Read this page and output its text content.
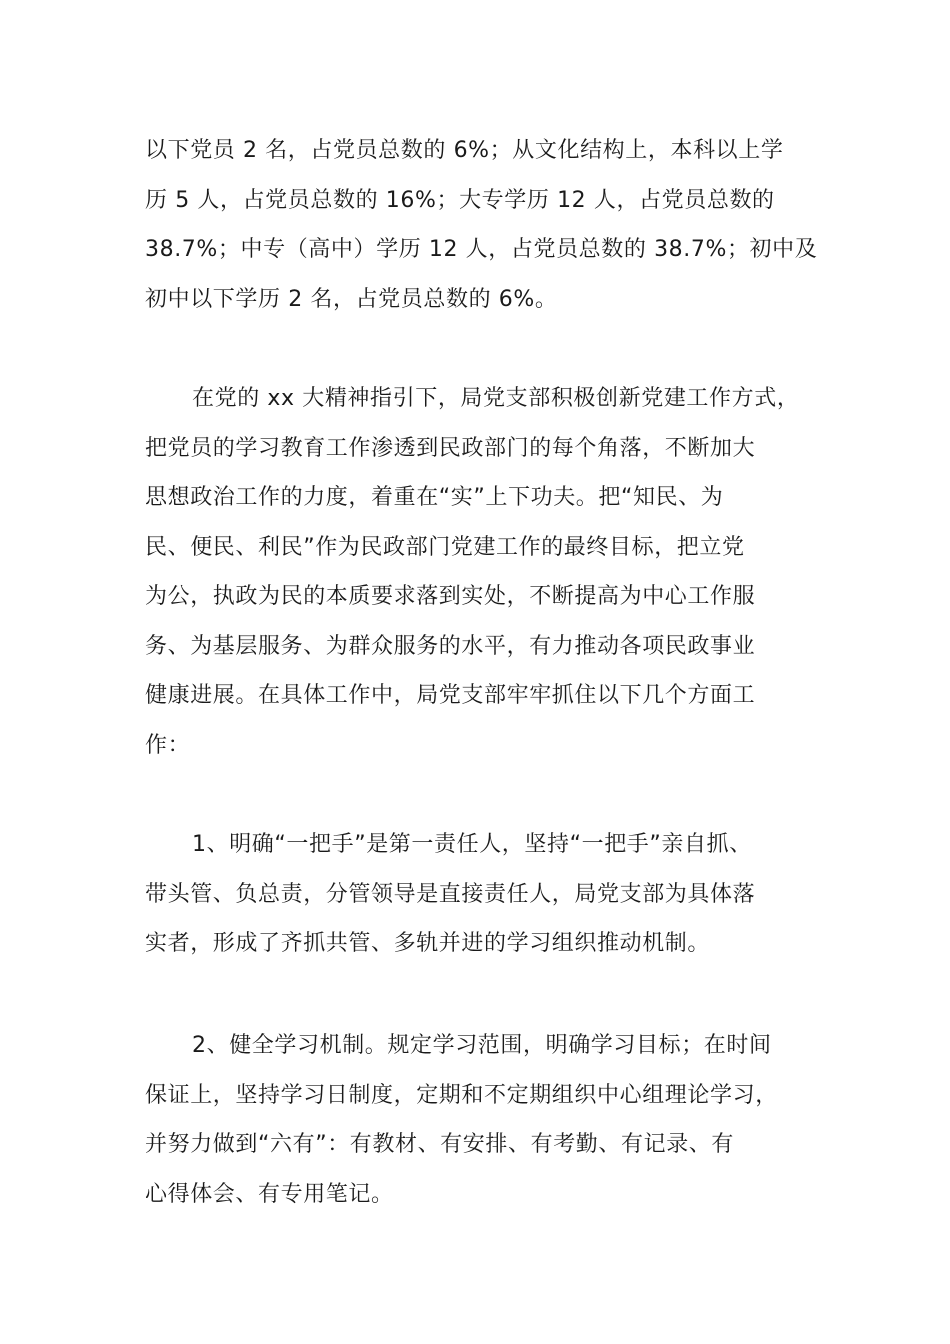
以下党员 2 名，占党员总数的 6%；从文化结构上，本科以上学
历 5 人，占党员总数的 16%；大专学历 12 人，占党员总数的
38.7%；中专（高中）学历 12 人，占党员总数的 38.7%；初中及
初中以下学历 2 名，占党员总数的 6%。
在党的 xx 大精神指引下，局党支部积极创新党建工作方式，
把党员的学习教育工作渗透到民政部门的每个角落，不断加大
思想政治工作的力度，着重在“实”上下功夫。把“知民、为
民、便民、利民”作为民政部门党建工作的最终目标，把立党
为公，执政为民的本质要求落到实处，不断提高为中心工作服
务、为基层服务、为群众服务的水平，有力推动各项民政事业
健康进展。在具体工作中，局党支部牢牢抓住以下几个方面工
作：
1、明确“一把手”是第一责任人，坚持“一把手”亲自抓、
带头管、负总责，分管领导是直接责任人，局党支部为具体落
实者，形成了齐抓共管、多轨并进的学习组织推动机制。
2、健全学习机制。规定学习范围，明确学习目标；在时间
保证上，坚持学习日制度，定期和不定期组织中心组理论学习，
并努力做到“六有”：有教材、有安排、有考勤、有记录、有
心得体会、有专用笔记。
